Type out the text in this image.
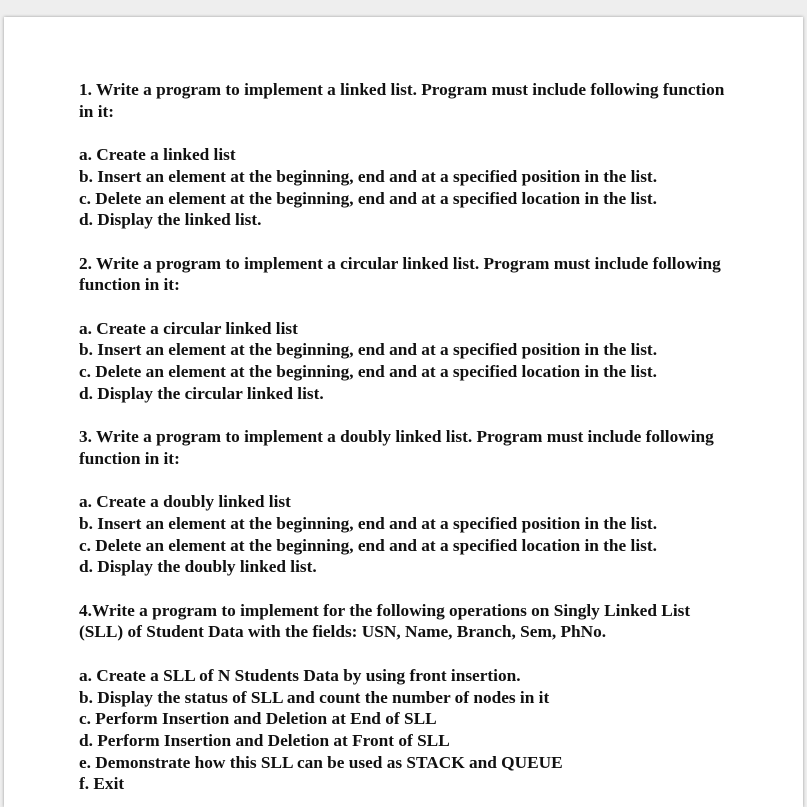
1. Write a program to implement a linked list. Program must include following function in it:

a. Create a linked list

b. Insert an element at the beginning, end and at a specified position in the list.

c. Delete an element at the beginning, end and at a specified location in the list.

d. Display the linked list.

2. Write a program to implement a circular linked list. Program must include following function in it:

a. Create a circular linked list

b. Insert an element at the beginning, end and at a specified position in the list.

c. Delete an element at the beginning, end and at a specified location in the list.

d. Display the circular linked list.

3. Write a program to implement a doubly linked list. Program must include following function in it:

a. Create a doubly linked list

b. Insert an element at the beginning, end and at a specified position in the list.

c. Delete an element at the beginning, end and at a specified location in the list.

d. Display the doubly linked list.

4.Write a program to implement for the following operations on Singly Linked List (SLL) of Student Data with the fields: USN, Name, Branch, Sem, PhNo.

a. Create a SLL of N Students Data by using front insertion.

b. Display the status of SLL and count the number of nodes in it

c. Perform Insertion and Deletion at End of SLL

d. Perform Insertion and Deletion at Front of SLL

e. Demonstrate how this SLL can be used as STACK and QUEUE

f. Exit
